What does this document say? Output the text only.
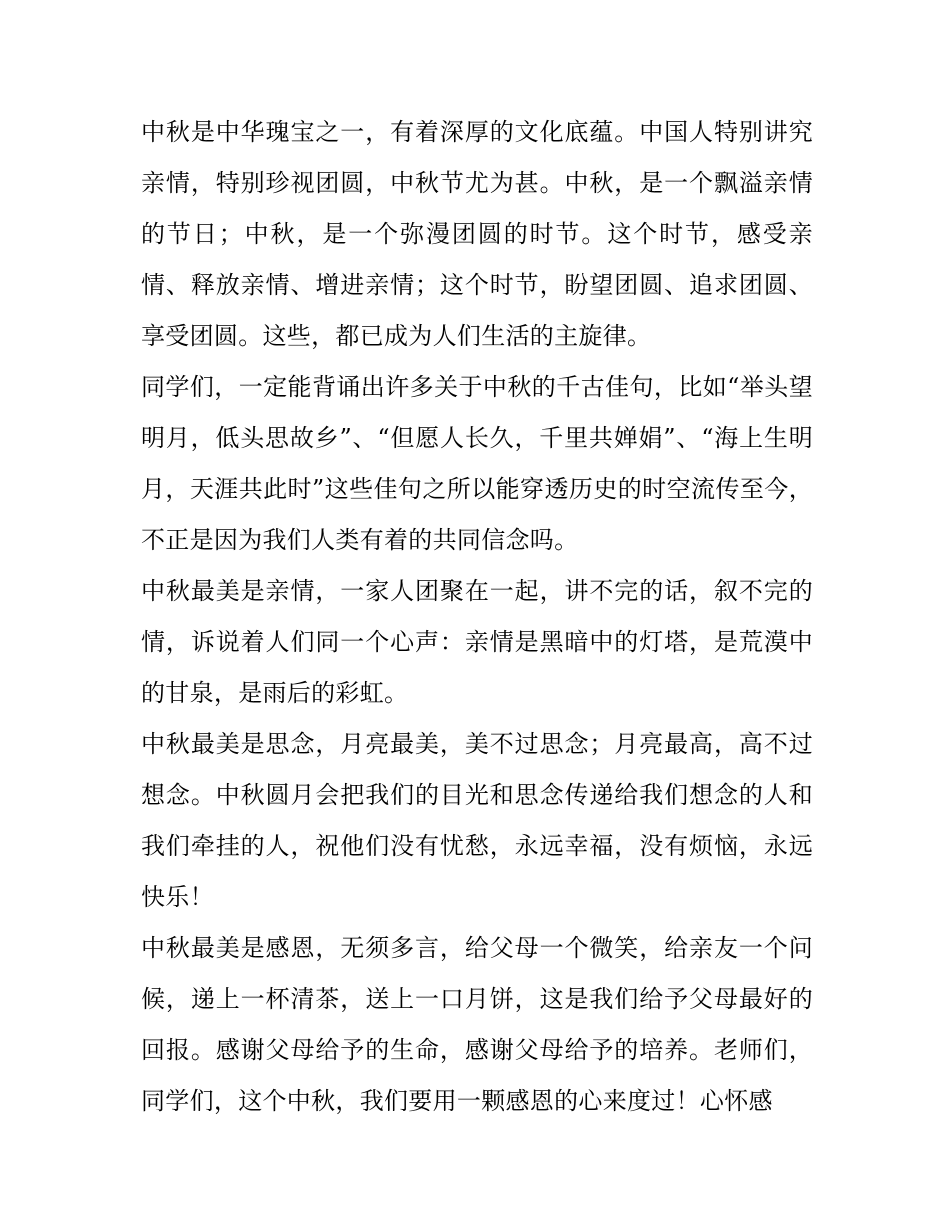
中秋是中华瑰宝之一，有着深厚的文化底蕴。中国人特别讲究亲情，特别珍视团圆，中秋节尤为甚。中秋，是一个飘溢亲情的节日；中秋，是一个弥漫团圆的时节。这个时节，感受亲情、释放亲情、增进亲情；这个时节，盼望团圆、追求团圆、享受团圆。这些，都已成为人们生活的主旋律。

同学们，一定能背诵出许多关于中秋的千古佳句，比如“举头望明月，低头思故乡”、“但愿人长久，千里共婵娟”、“海上生明月，天涯共此时”这些佳句之所以能穿透历史的时空流传至今，不正是因为我们人类有着的共同信念吗。

中秋最美是亲情，一家人团聚在一起，讲不完的话，叙不完的情，诉说着人们同一个心声：亲情是黑暗中的灯塔，是荒漠中的甘泉，是雨后的彩虹。

中秋最美是思念，月亮最美，美不过思念；月亮最高，高不过想念。中秋圆月会把我们的目光和思念传递给我们想念的人和我们牵挂的人，祝他们没有忧愁，永远幸福，没有烦恼，永远快乐！

中秋最美是感恩，无须多言，给父母一个微笑，给亲友一个问候，递上一杯清茶，送上一口月饼，这是我们给予父母最好的回报。感谢父母给予的生命，感谢父母给予的培养。老师们，同学们，这个中秋，我们要用一颗感恩的心来度过！心怀感
